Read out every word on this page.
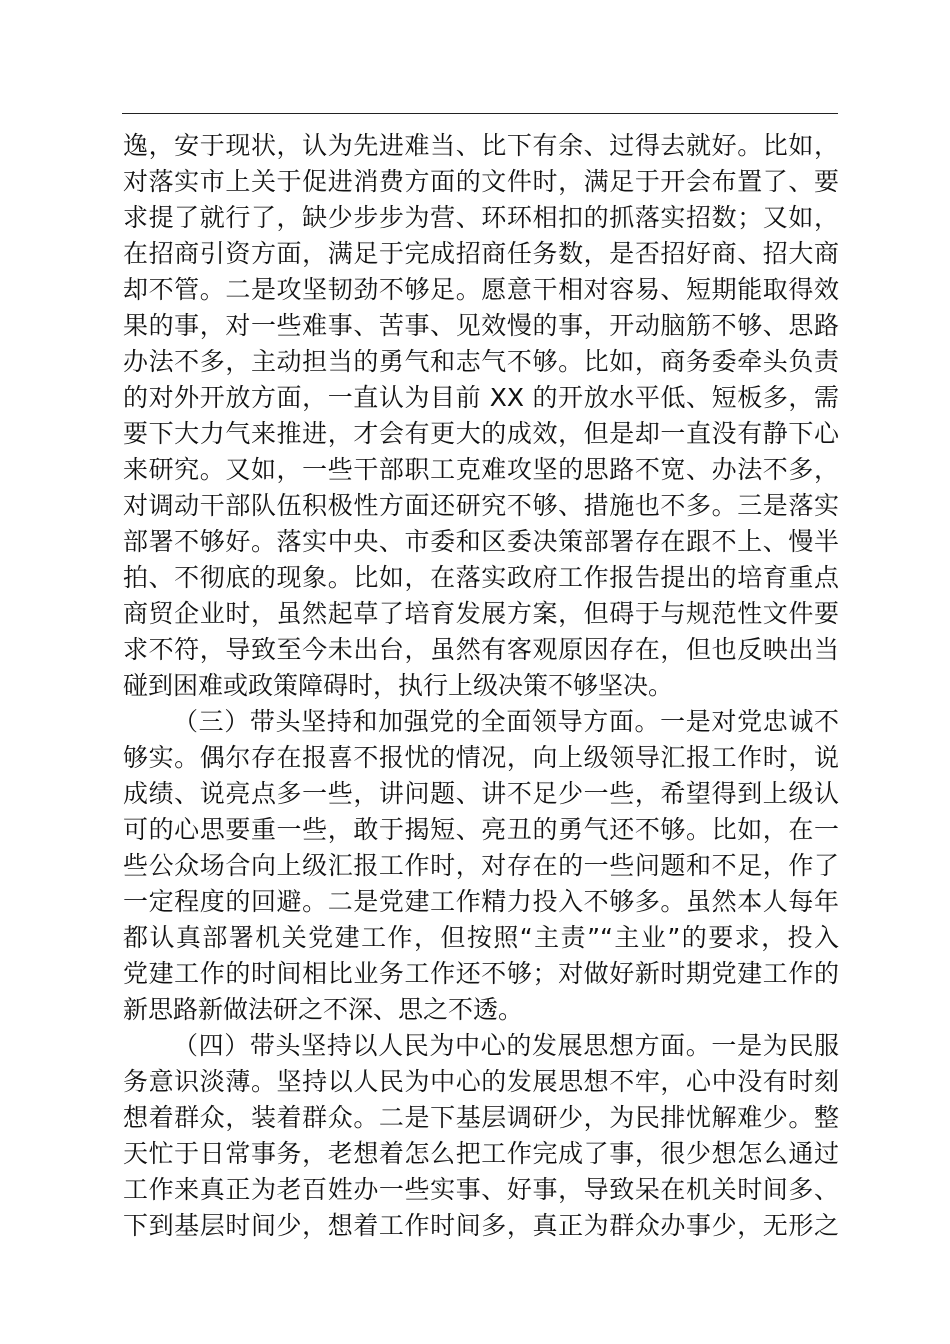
逸，安于现状，认为先进难当、比下有余、过得去就好。比如，
对落实市上关于促进消费方面的文件时，满足于开会布置了、要
求提了就行了，缺少步步为营、环环相扣的抓落实招数；又如，
在招商引资方面，满足于完成招商任务数，是否招好商、招大商
却不管。二是攻坚韧劲不够足。愿意干相对容易、短期能取得效
果的事，对一些难事、苦事、见效慢的事，开动脑筋不够、思路
办法不多，主动担当的勇气和志气不够。比如，商务委牵头负责
的对外开放方面，一直认为目前 XX 的开放水平低、短板多，需
要下大力气来推进，才会有更大的成效，但是却一直没有静下心
来研究。又如，一些干部职工克难攻坚的思路不宽、办法不多，
对调动干部队伍积极性方面还研究不够、措施也不多。三是落实
部署不够好。落实中央、市委和区委决策部署存在跟不上、慢半
拍、不彻底的现象。比如，在落实政府工作报告提出的培育重点
商贸企业时，虽然起草了培育发展方案，但碍于与规范性文件要
求不符，导致至今未出台，虽然有客观原因存在，但也反映出当
碰到困难或政策障碍时，执行上级决策不够坚决。
（三）带头坚持和加强党的全面领导方面。一是对党忠诚不
够实。偶尔存在报喜不报忧的情况，向上级领导汇报工作时，说
成绩、说亮点多一些，讲问题、讲不足少一些，希望得到上级认
可的心思要重一些，敢于揭短、亮丑的勇气还不够。比如，在一
些公众场合向上级汇报工作时，对存在的一些问题和不足，作了
一定程度的回避。二是党建工作精力投入不够多。虽然本人每年
都认真部署机关党建工作，但按照“主责”“主业”的要求，投入
党建工作的时间相比业务工作还不够；对做好新时期党建工作的
新思路新做法研之不深、思之不透。
（四）带头坚持以人民为中心的发展思想方面。一是为民服
务意识淡薄。坚持以人民为中心的发展思想不牢，心中没有时刻
想着群众，装着群众。二是下基层调研少，为民排忧解难少。整
天忙于日常事务，老想着怎么把工作完成了事，很少想怎么通过
工作来真正为老百姓办一些实事、好事，导致呆在机关时间多、
下到基层时间少，想着工作时间多，真正为群众办事少，无形之
